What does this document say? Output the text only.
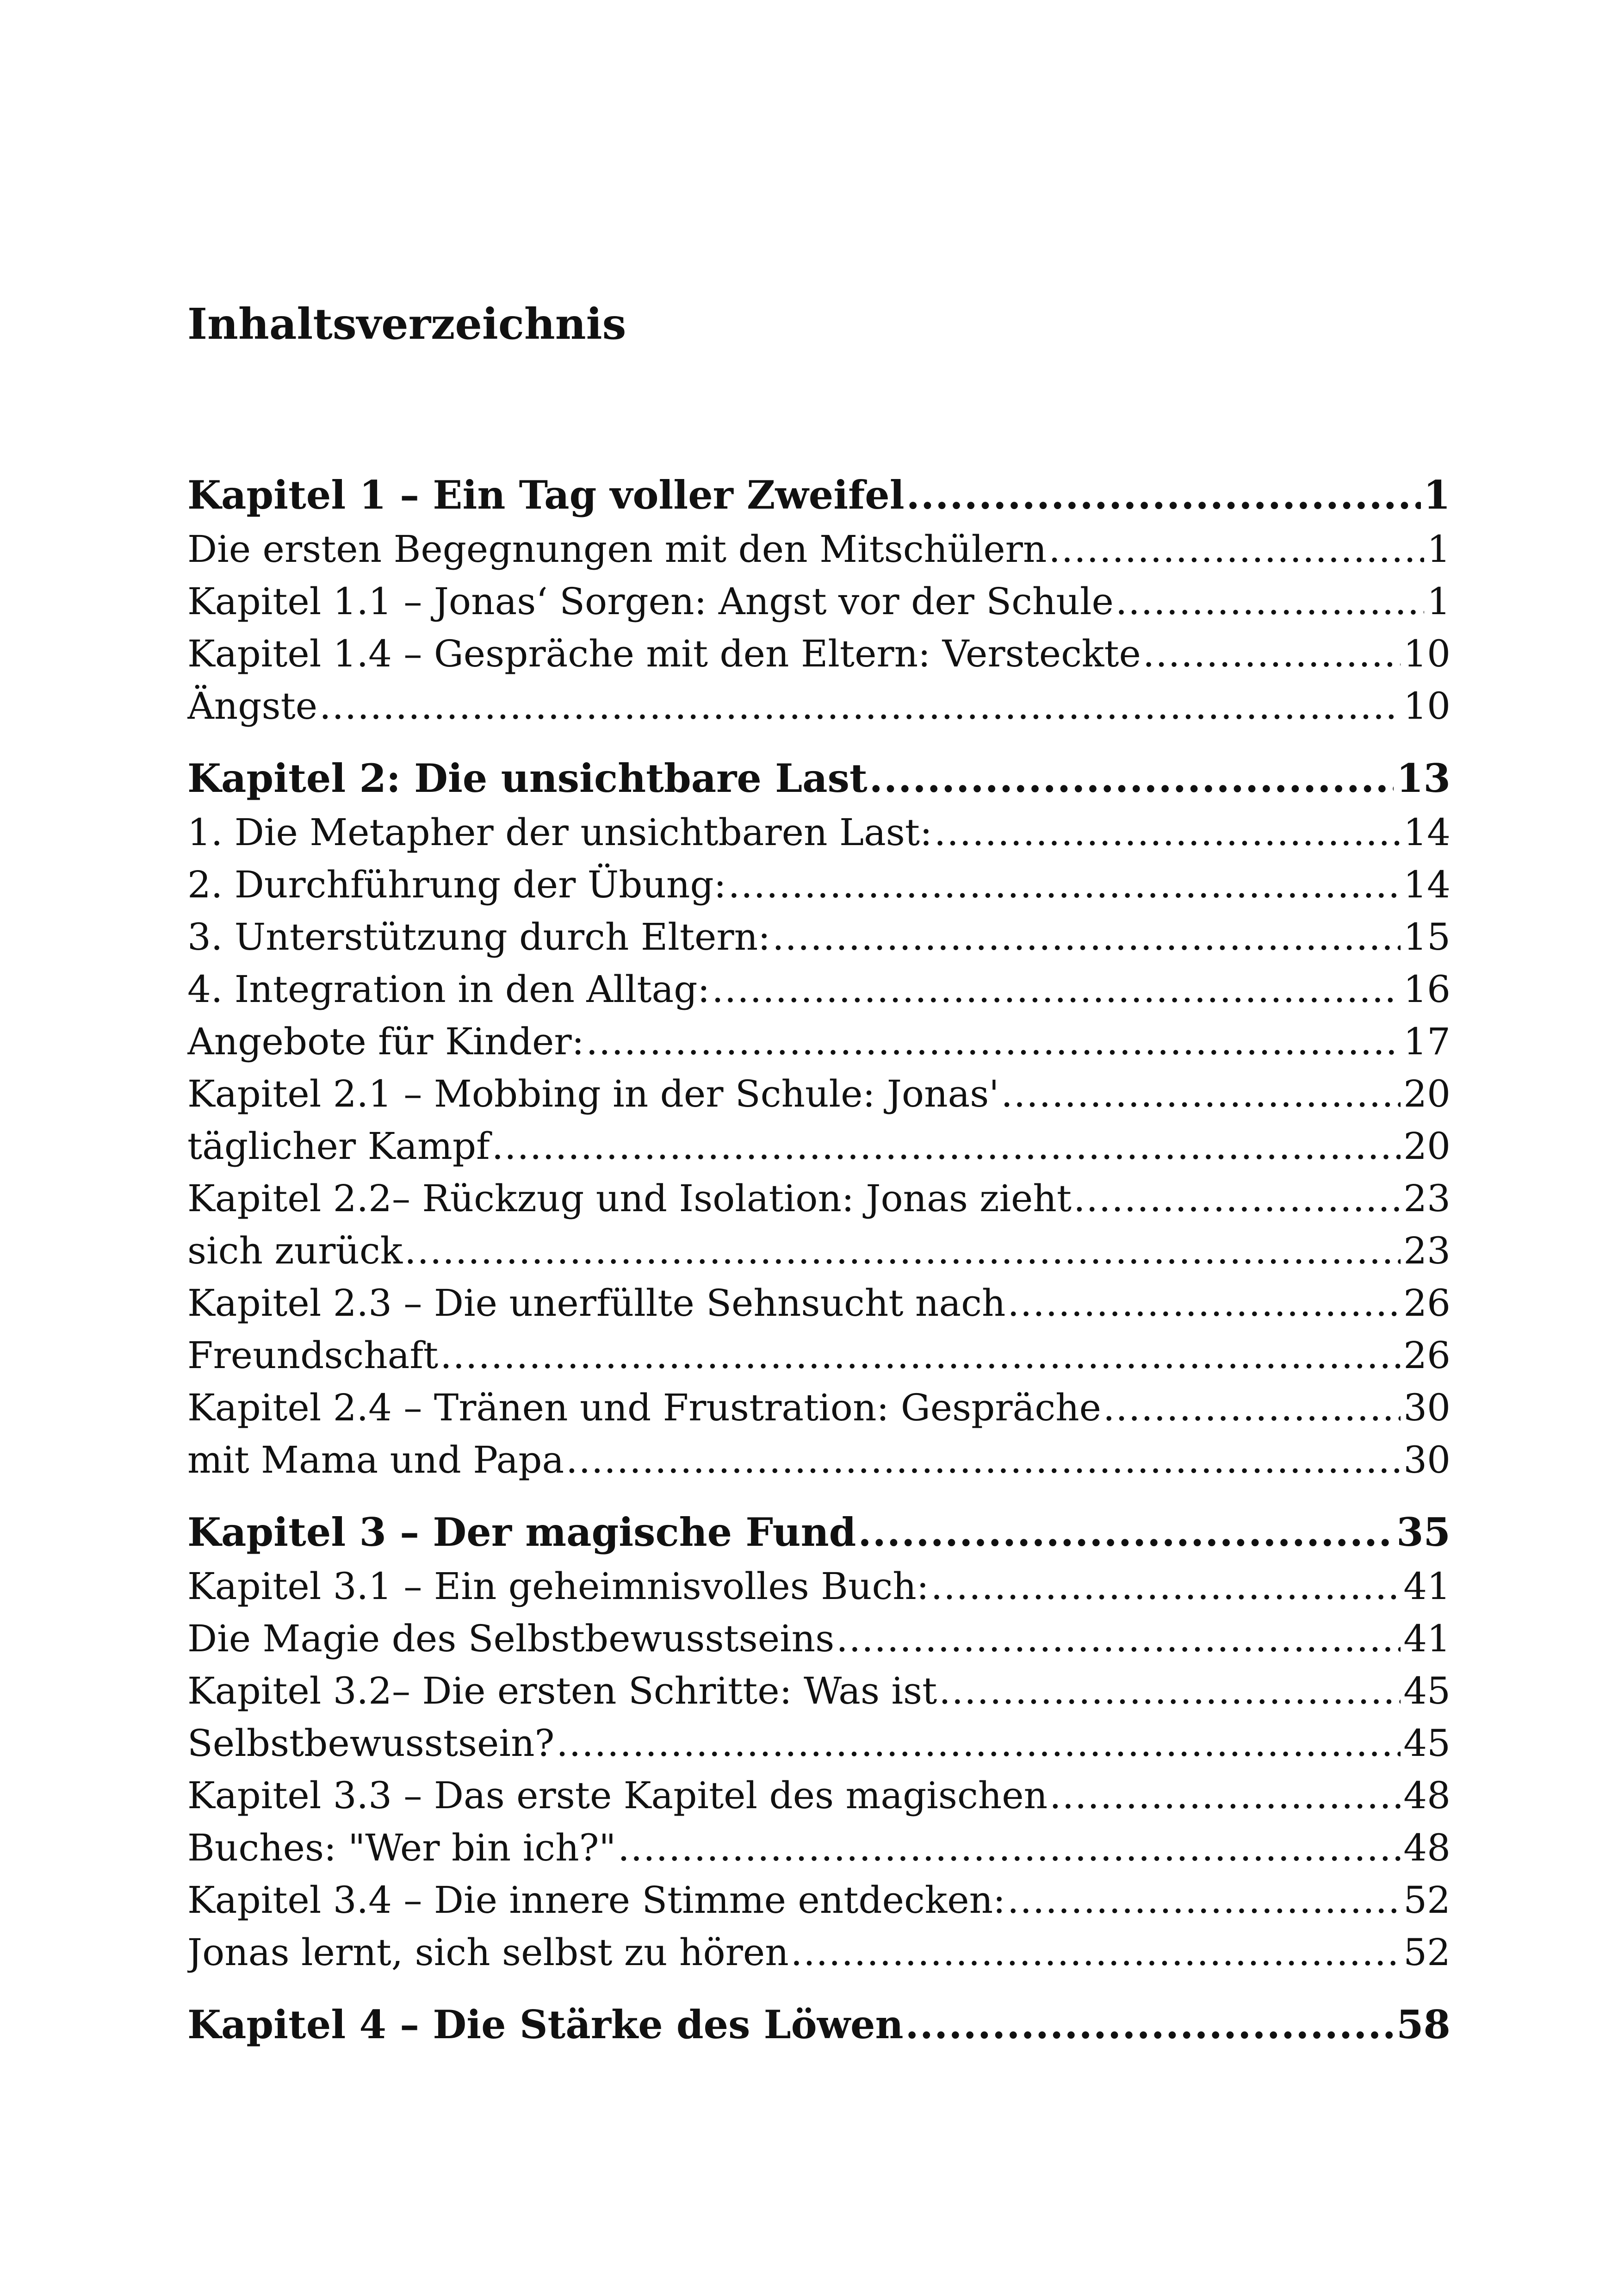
Inhaltsverzeichnis
Kapitel 1 – Ein Tag voller Zweifel .....	1
Die ersten Begegnungen mit den Mitschülern .....	1
Kapitel 1.1 – Jonas‘ Sorgen: Angst vor der Schule .....	1
Kapitel 1.4 – Gespräche mit den Eltern: Versteckte .....	10
Ängste .....	10
Kapitel 2: Die unsichtbare Last .....	13
1. Die Metapher der unsichtbaren Last: .....	14
2. Durchführung der Übung: .....	14
3. Unterstützung durch Eltern: .....	15
4. Integration in den Alltag: .....	16
Angebote für Kinder: .....	17
Kapitel 2.1 – Mobbing in der Schule: Jonas' .....	20
täglicher Kampf .....	20
Kapitel 2.2– Rückzug und Isolation: Jonas zieht .....	23
sich zurück .....	23
Kapitel 2.3 – Die unerfüllte Sehnsucht nach .....	26
Freundschaft .....	26
Kapitel 2.4 – Tränen und Frustration: Gespräche .....	30
mit Mama und Papa .....	30
Kapitel 3 – Der magische Fund .....	35
Kapitel 3.1 – Ein geheimnisvolles Buch: .....	41
Die Magie des Selbstbewusstseins .....	41
Kapitel 3.2– Die ersten Schritte: Was ist .....	45
Selbstbewusstsein? .....	45
Kapitel 3.3 – Das erste Kapitel des magischen .....	48
Buches: "Wer bin ich?" .....	48
Kapitel 3.4 – Die innere Stimme entdecken: .....	52
Jonas lernt, sich selbst zu hören .....	52
Kapitel 4 – Die Stärke des Löwen .....	58
